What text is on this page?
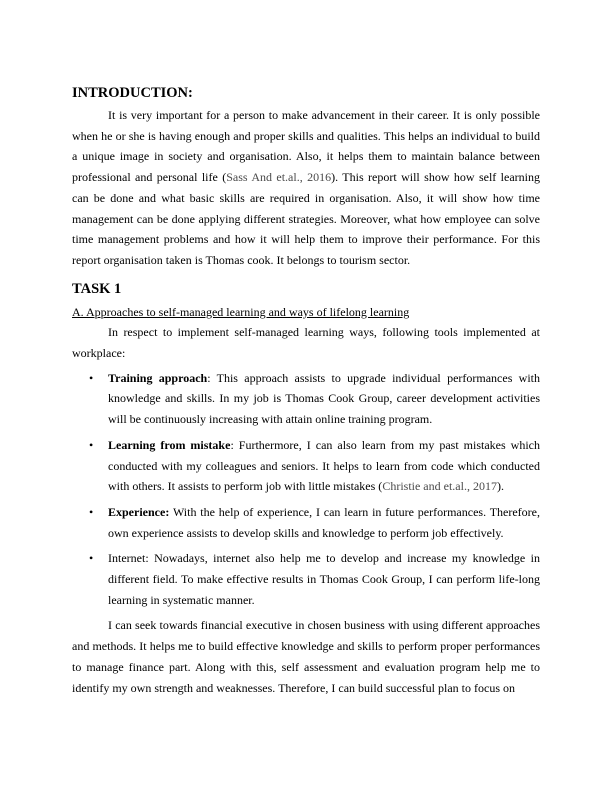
INTRODUCTION:

It is very important for a person to make advancement in their career. It is only possible when he or she is having enough and proper skills and qualities. This helps an individual to build a unique image in society and organisation. Also, it helps them to maintain balance between professional and personal life (Sass And et.al., 2016). This report will show how self learning can be done and what basic skills are required in organisation. Also, it will show how time management can be done applying different strategies. Moreover, what how employee can solve time management problems and how it will help them to improve their performance. For this report organisation taken is Thomas cook. It belongs to tourism sector.

TASK 1
A. Approaches to self-managed learning and ways of lifelong learning

In respect to implement self-managed learning ways, following tools implemented at workplace:

• Training approach: This approach assists to upgrade individual performances with knowledge and skills. In my job is Thomas Cook Group, career development activities will be continuously increasing with attain online training program.

• Learning from mistake: Furthermore, I can also learn from my past mistakes which conducted with my colleagues and seniors. It helps to learn from code which conducted with others. It assists to perform job with little mistakes (Christie and et.al., 2017).

• Experience: With the help of experience, I can learn in future performances. Therefore, own experience assists to develop skills and knowledge to perform job effectively.

• Internet: Nowadays, internet also help me to develop and increase my knowledge in different field. To make effective results in Thomas Cook Group, I can perform life-long learning in systematic manner.

I can seek towards financial executive in chosen business with using different approaches and methods. It helps me to build effective knowledge and skills to perform proper performances to manage finance part. Along with this, self assessment and evaluation program help me to identify my own strength and weaknesses. Therefore, I can build successful plan to focus on
